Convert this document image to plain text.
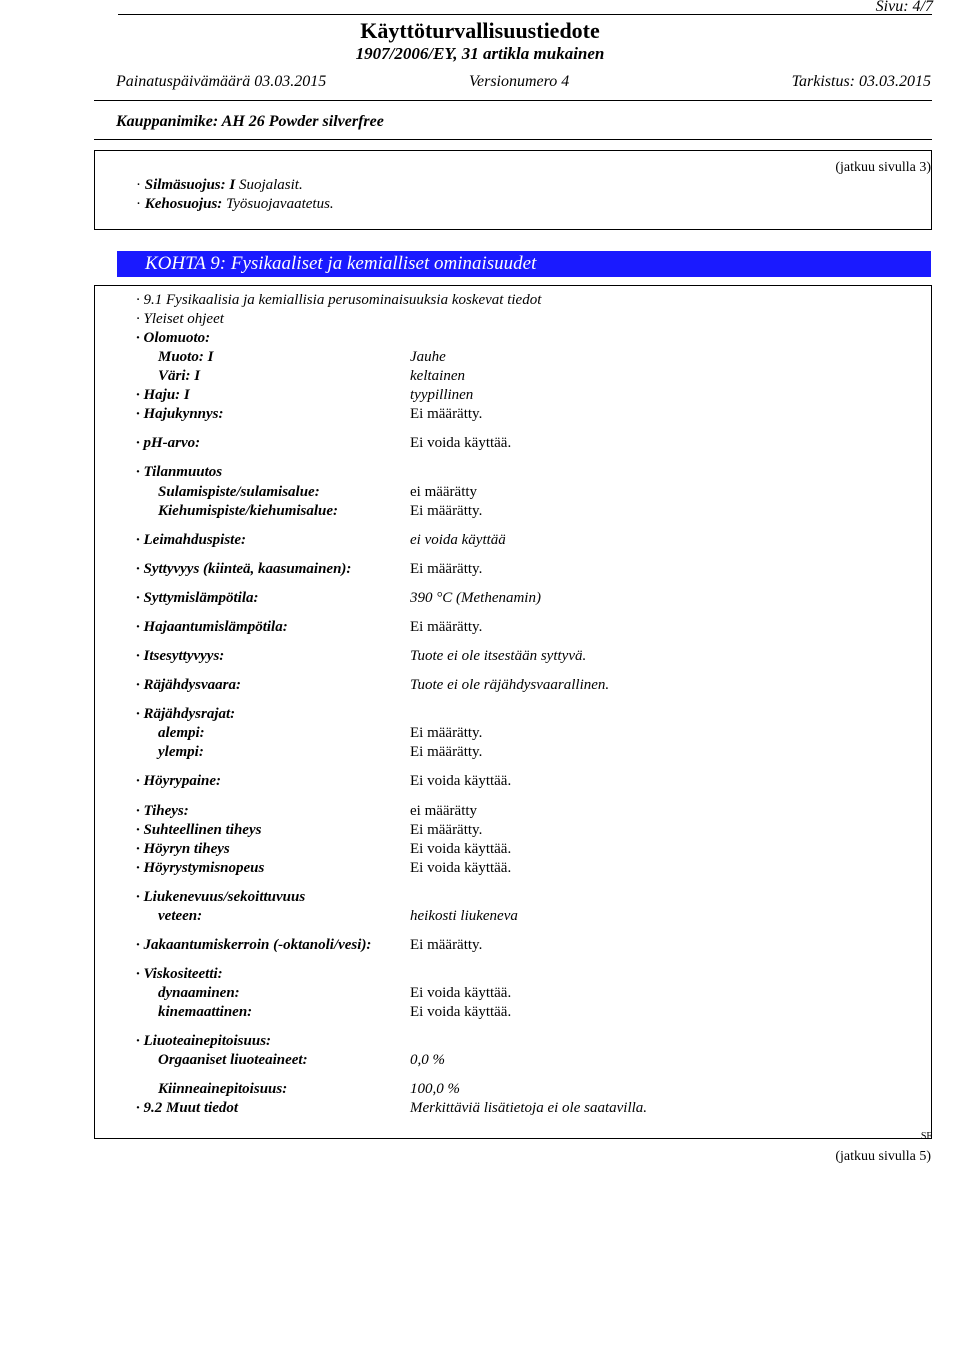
Sivu: 4/7
Käyttöturvallisuustiedote
1907/2006/EY, 31 artikla mukainen
Painatuspäivämäärä 03.03.2015	Versionumero 4	Tarkistus: 03.03.2015
Kauppanimike: AH 26 Powder silverfree
(jatkuu sivulla 3)
· Silmäsuojus: I Suojalasit.
· Kehosuojus: Työsuojavaatetus.
KOHTA 9: Fysikaaliset ja kemialliset ominaisuudet
· 9.1 Fysikaalisia ja kemiallisia perusominaisuuksia koskevat tiedot
· Yleiset ohjeet
· Olomuoto:
Muoto: I	Jauhe
Väri: I	keltainen
· Haju: I	tyypillinen
· Hajukynnys:	Ei määrätty.
· pH-arvo:	Ei voida käyttää.
· Tilanmuutos
Sulamispiste/sulamisalue:	ei määrätty
Kiehumispiste/kiehumisalue:	Ei määrätty.
· Leimahduspiste:	ei voida käyttää
· Syttyvyys (kiinteä, kaasumainen):	Ei määrätty.
· Syttymislämpötila:	390 °C (Methenamin)
· Hajaantumislämpötila:	Ei määrätty.
· Itsesyttyvyys:	Tuote ei ole itsestään syttyvä.
· Räjähdysvaara:	Tuote ei ole räjähdysvaarallinen.
· Räjähdysrajat:
alempi:	Ei määrätty.
ylempi:	Ei määrätty.
· Höyrypaine:	Ei voida käyttää.
· Tiheys:	ei määrätty
· Suhteellinen tiheys	Ei määrätty.
· Höyryn tiheys	Ei voida käyttää.
· Höyrystymisnopeus	Ei voida käyttää.
· Liukenevuus/sekoittuvuus
veteen:	heikosti liukeneva
· Jakaantumiskerroin (-oktanoli/vesi):	Ei määrätty.
· Viskositeetti:
dynaaminen:	Ei voida käyttää.
kinemaattinen:	Ei voida käyttää.
· Liuoteainepitoisuus:
Orgaaniset liuoteaineet:	0,0 %
Kiinneainepitoisuus:	100,0 %
· 9.2 Muut tiedot	Merkittäviä lisätietoja ei ole saatavilla.
SF
(jatkuu sivulla 5)
